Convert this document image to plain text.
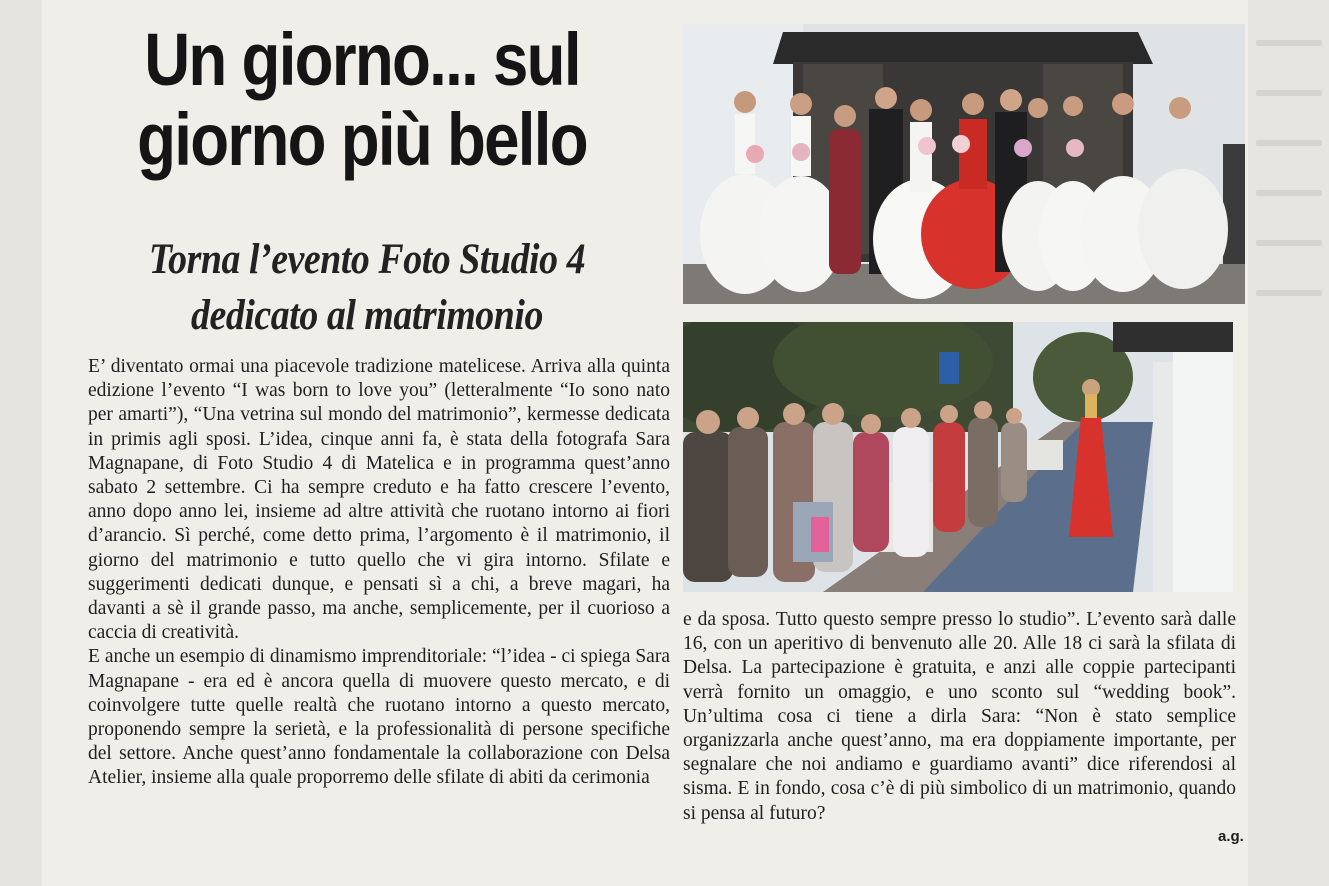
Un giorno... sul
giorno più bello
Torna l’evento Foto Studio 4
dedicato al matrimonio

E’ diventato ormai una piacevole tradizione matelicese. Arriva alla quinta edizione l’evento “I was born to love you” (letteralmente “Io sono nato per amarti”), “Una vetrina sul mondo del matrimonio”, kermesse dedicata in primis agli sposi. L’idea, cinque anni fa, è stata della fotografa Sara Magnapane, di Foto Studio 4 di Matelica e in programma quest’anno sabato 2 settembre. Ci ha sempre creduto e ha fatto crescere l’evento, anno dopo anno lei, insieme ad altre attività che ruotano intorno ai fiori d’arancio. Sì perché, come detto prima, l’argomento è il matrimonio, il giorno del matrimonio e tutto quello che vi gira intorno. Sfilate e suggerimenti dedicati dunque, e pensati sì a chi, a breve magari, ha davanti a sè il grande passo, ma anche, semplicemente, per il cuorioso a caccia di creatività.

E anche un esempio di dinamismo imprenditoriale: “l’idea - ci spiega Sara Magnapane - era ed è ancora quella di muovere questo mercato, e di coinvolgere tutte quelle realtà che ruotano intorno a questo mercato, proponendo sempre la serietà, e la professionalità di persone specifiche del settore. Anche quest’anno fondamentale la collaborazione con Delsa Atelier, insieme alla quale proporremo delle sfilate di abiti da cerimonia

e da sposa. Tutto questo sempre presso lo studio”. L’evento sarà dalle 16, con un aperitivo di benvenuto alle 20. Alle 18 ci sarà la sfilata di Delsa. La partecipazione è gratuita, e anzi alle coppie partecipanti verrà fornito un omaggio, e uno sconto sul “wedding book”. Un’ultima cosa ci tiene a dirla Sara: “Non è stato semplice organizzarla anche quest’anno, ma era doppiamente importante, per segnalare che noi andiamo e guardiamo avanti” dice riferendosi al sisma. E in fondo, cosa c’è di più simbolico di un matrimonio, quando si pensa al futuro?

a.g.
